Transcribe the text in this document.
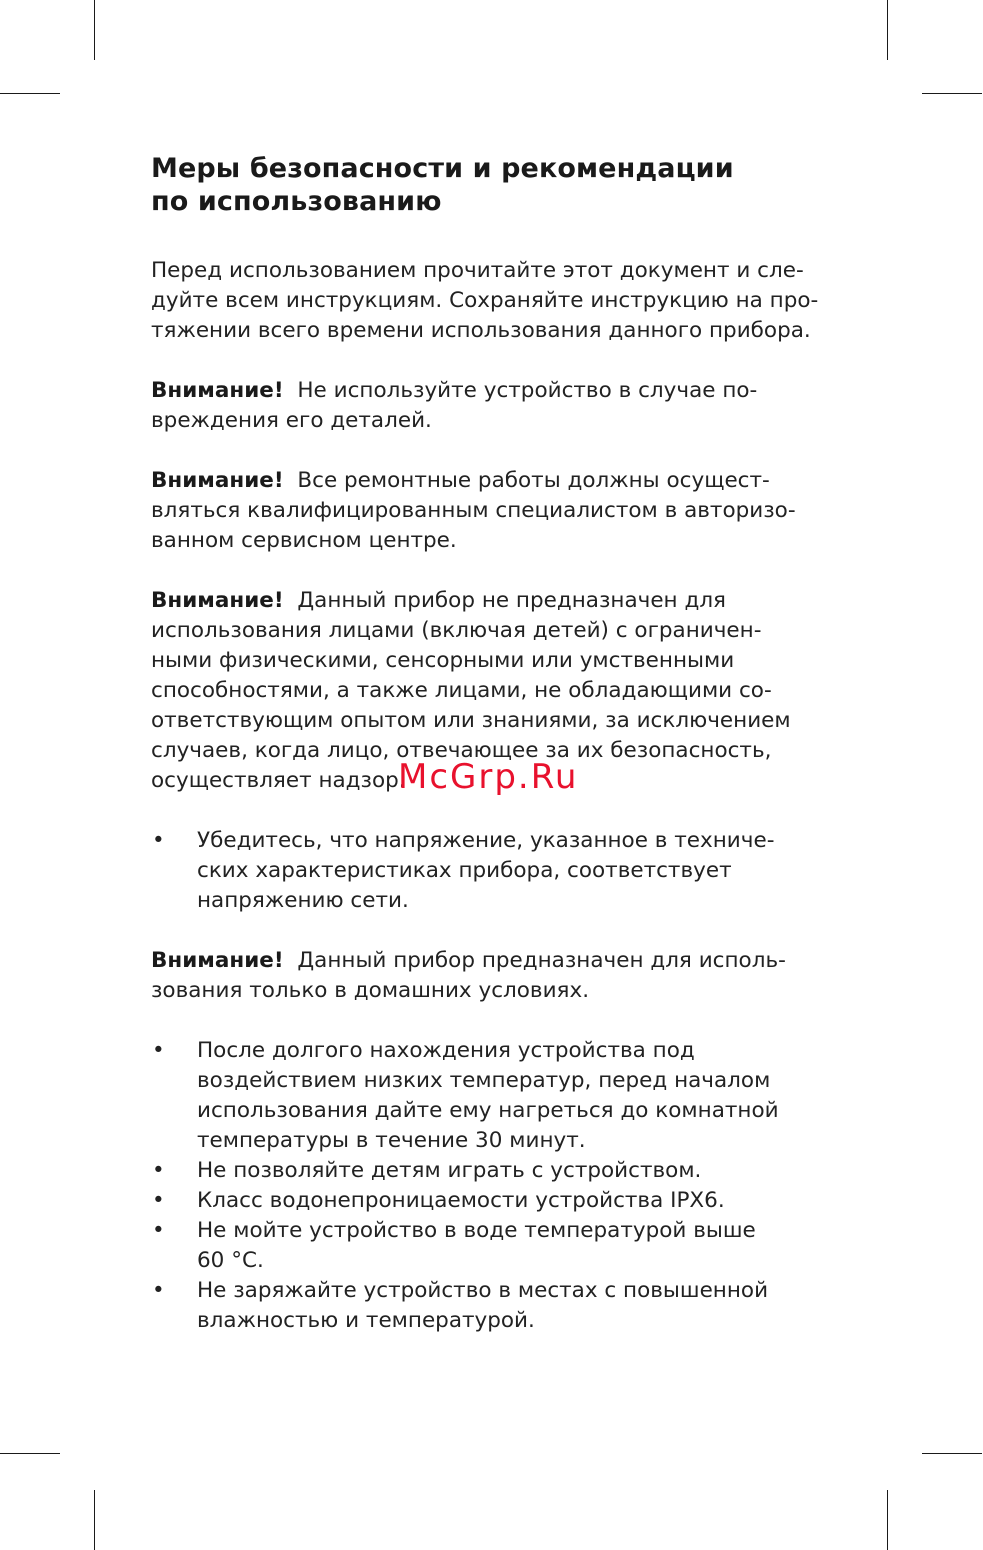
Меры безопасности и рекомендации
по использованию

Перед использованием прочитайте этот документ и сле-
дуйте всем инструкциям. Сохраняйте инструкцию на про-
тяжении всего времени использования данного прибора.

Внимание! Не используйте устройство в случае по-
вреждения его деталей.

Внимание! Все ремонтные работы должны осущест-
вляться квалифицированным специалистом в авторизо-
ванном сервисном центре.

Внимание! Данный прибор не предназначен для
использования лицами (включая детей) с ограничен-
ными физическими, сенсорными или умственными
способностями, а также лицами, не обладающими со-
ответствующим опытом или знаниями, за исключением
случаев, когда лицо, отвечающее за их безопасность,
осуществляет надзор.

• Убедитесь, что напряжение, указанное в техниче-
ских характеристиках прибора, соответствует
напряжению сети.

Внимание! Данный прибор предназначен для исполь-
зования только в домашних условиях.

• После долгого нахождения устройства под
воздействием низких температур, перед началом
использования дайте ему нагреться до комнатной
температуры в течение 30 минут.
• Не позволяйте детям играть с устройством.
• Класс водонепроницаемости устройства IPX6.
• Не мойте устройство в воде температурой выше
60 °C.
• Не заряжайте устройство в местах с повышенной
влажностью и температурой.
McGrp.Ru
